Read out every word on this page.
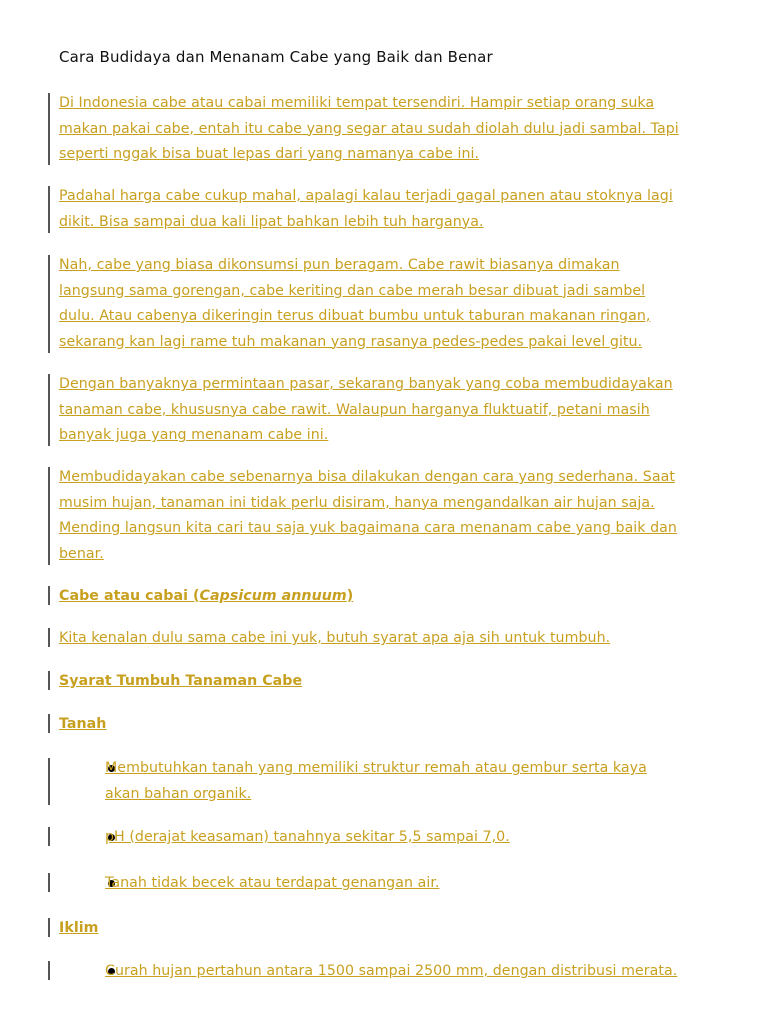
Cara Budidaya dan Menanam Cabe yang Baik dan Benar
Di Indonesia cabe atau cabai memiliki tempat tersendiri. Hampir setiap orang suka
makan pakai cabe, entah itu cabe yang segar atau sudah diolah dulu jadi sambal. Tapi
seperti nggak bisa buat lepas dari yang namanya cabe ini.
Padahal harga cabe cukup mahal, apalagi kalau terjadi gagal panen atau stoknya lagi
dikit. Bisa sampai dua kali lipat bahkan lebih tuh harganya.
Nah, cabe yang biasa dikonsumsi pun beragam. Cabe rawit biasanya dimakan
langsung sama gorengan, cabe keriting dan cabe merah besar dibuat jadi sambel
dulu. Atau cabenya dikeringin terus dibuat bumbu untuk taburan makanan ringan,
sekarang kan lagi rame tuh makanan yang rasanya pedes-pedes pakai level gitu.
Dengan banyaknya permintaan pasar, sekarang banyak yang coba membudidayakan
tanaman cabe, khususnya cabe rawit. Walaupun harganya fluktuatif, petani masih
banyak juga yang menanam cabe ini.
Membudidayakan cabe sebenarnya bisa dilakukan dengan cara yang sederhana. Saat
musim hujan, tanaman ini tidak perlu disiram, hanya mengandalkan air hujan saja.
Mending langsun kita cari tau saja yuk bagaimana cara menanam cabe yang baik dan
benar.
Cabe atau cabai (Capsicum annuum)
Kita kenalan dulu sama cabe ini yuk, butuh syarat apa aja sih untuk tumbuh.
Syarat Tumbuh Tanaman Cabe
Tanah
Membutuhkan tanah yang memiliki struktur remah atau gembur serta kaya
akan bahan organik.
pH (derajat keasaman) tanahnya sekitar 5,5 sampai 7,0.
Tanah tidak becek atau terdapat genangan air.
Iklim
Curah hujan pertahun antara 1500 sampai 2500 mm, dengan distribusi merata.
